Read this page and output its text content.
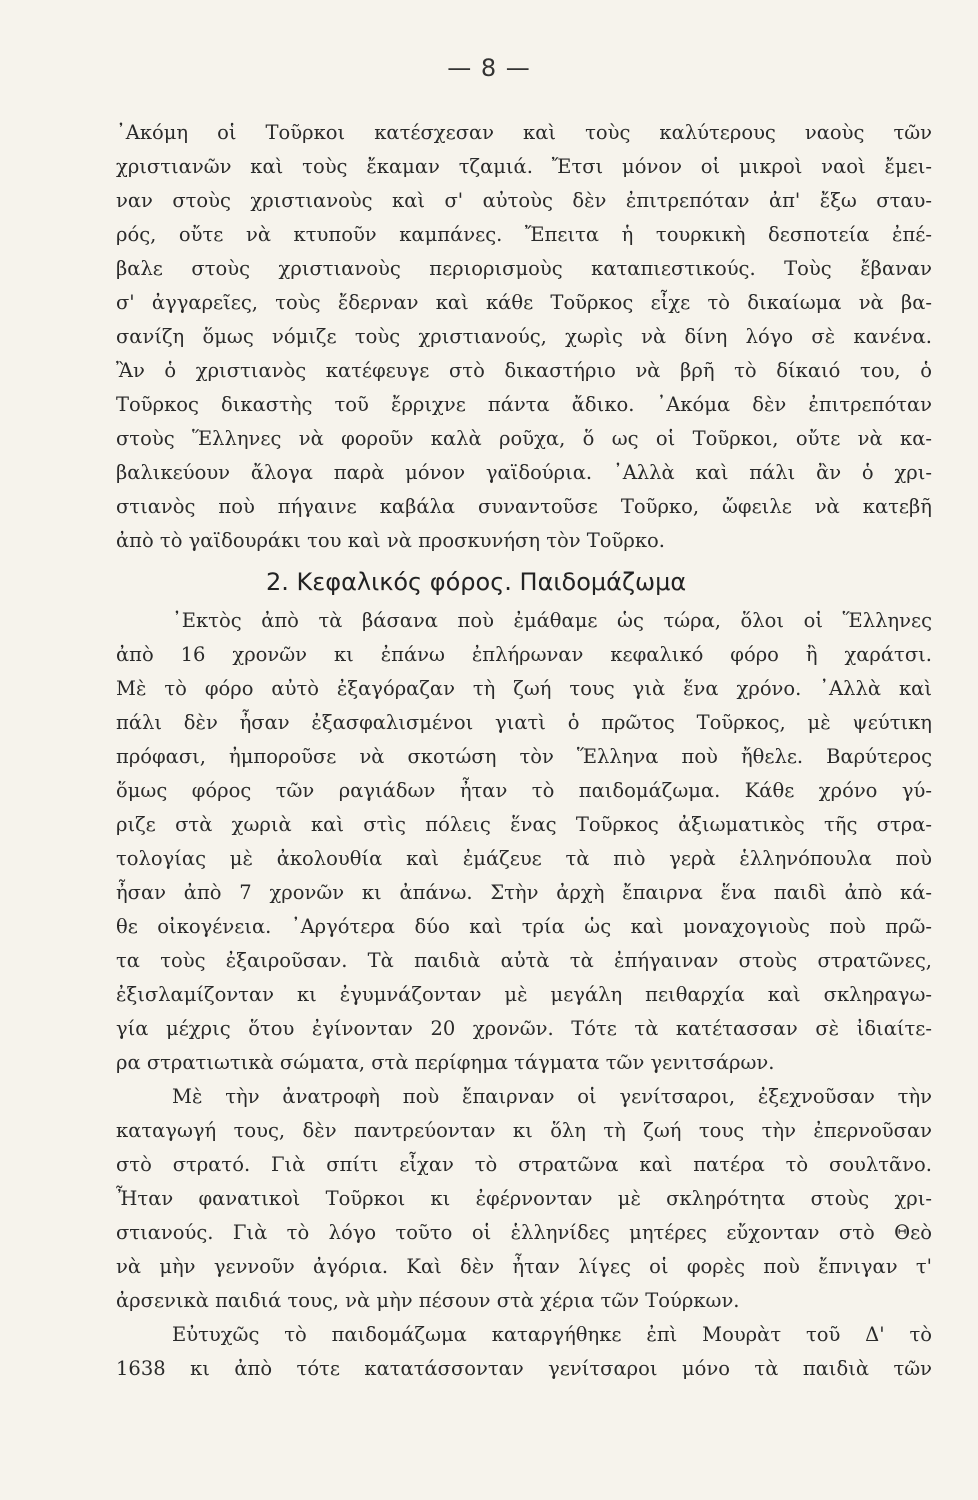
— 8 —
᾿Ακόμη οἱ Τοῦρκοι κατέσχεσαν καὶ τοὺς καλύτερους ναοὺς τῶν
χριστιανῶν καὶ τοὺς ἔκαμαν τζαμιά. Ἔτσι μόνον οἱ μικροὶ ναοὶ ἔμει-
ναν στοὺς χριστιανοὺς καὶ σ' αὐτοὺς δὲν ἐπιτρεπόταν ἀπ' ἔξω σταυ-
ρός, οὔτε νὰ κτυποῦν καμπάνες. Ἔπειτα ἡ τουρκικὴ δεσποτεία ἐπέ-
βαλε στοὺς χριστιανοὺς περιορισμοὺς καταπιεστικούς. Τοὺς ἔβαναν
σ' ἀγγαρεῖες, τοὺς ἔδερναν καὶ κάθε Τοῦρκος εἶχε τὸ δικαίωμα νὰ βα-
σανίζη ὅμως νόμιζε τοὺς χριστιανούς, χωρὶς νὰ δίνη λόγο σὲ κανένα.
Ἂν ὁ χριστιανὸς κατέφευγε στὸ δικαστήριο νὰ βρῆ τὸ δίκαιό του, ὁ
Τοῦρκος δικαστὴς τοῦ ἔρριχνε πάντα ἄδικο. ᾿Ακόμα δὲν ἐπιτρεπόταν
στοὺς Ἕλληνες νὰ φοροῦν καλὰ ροῦχα, ὅ ως οἱ Τοῦρκοι, οὔτε νὰ κα-
βαλικεύουν ἄλογα παρὰ μόνον γαϊδούρια. ᾿Αλλὰ καὶ πάλι ἂν ὁ χρι-
στιανὸς ποὺ πήγαινε καβάλα συναντοῦσε Τοῦρκο, ὤφειλε νὰ κατεβῆ
ἀπὸ τὸ γαϊδουράκι του καὶ νὰ προσκυνήση τὸν Τοῦρκο.
2. Κεφαλικός φόρος. Παιδομάζωμα
᾿Εκτὸς ἀπὸ τὰ βάσανα ποὺ ἐμάθαμε ὡς τώρα, ὅλοι οἱ Ἕλληνες
ἀπὸ 16 χρονῶν κι ἐπάνω ἐπλήρωναν κεφαλικό φόρο ἢ χαράτσι.
Μὲ τὸ φόρο αὐτὸ ἐξαγόραζαν τὴ ζωή τους γιὰ ἕνα χρόνο. ᾿Αλλὰ καὶ
πάλι δὲν ἦσαν ἐξασφαλισμένοι γιατὶ ὁ πρῶτος Τοῦρκος, μὲ ψεύτικη
πρόφασι, ἠμποροῦσε νὰ σκοτώση τὸν Ἕλληνα ποὺ ἤθελε. Βαρύτερος
ὅμως φόρος τῶν ραγιάδων ἦταν τὸ παιδομάζωμα. Κάθε χρόνο γύ-
ριζε στὰ χωριὰ καὶ στὶς πόλεις ἕνας Τοῦρκος ἀξιωματικὸς τῆς στρα-
τολογίας μὲ ἀκολουθία καὶ ἐμάζευε τὰ πιὸ γερὰ ἑλληνόπουλα ποὺ
ἦσαν ἀπὸ 7 χρονῶν κι ἀπάνω. Στὴν ἀρχὴ ἔπαιρνα ἕνα παιδὶ ἀπὸ κά-
θε οἰκογένεια. ᾿Αργότερα δύο καὶ τρία ὡς καὶ μοναχογιοὺς ποὺ πρῶ-
τα τοὺς ἐξαιροῦσαν. Τὰ παιδιὰ αὐτὰ τὰ ἐπήγαιναν στοὺς στρατῶνες,
ἐξισλαμίζονταν κι ἐγυμνάζονταν μὲ μεγάλη πειθαρχία καὶ σκληραγω-
γία μέχρις ὅτου ἐγίνονταν 20 χρονῶν. Τότε τὰ κατέτασσαν σὲ ἰδιαίτε-
ρα στρατιωτικὰ σώματα, στὰ περίφημα τάγματα τῶν γενιτσάρων.
Μὲ τὴν ἀνατροφὴ ποὺ ἔπαιρναν οἱ γενίτσαροι, ἐξεχνοῦσαν τὴν
καταγωγή τους, δὲν παντρεύονταν κι ὅλη τὴ ζωή τους τὴν ἐπερνοῦσαν
στὸ στρατό. Γιὰ σπίτι εἶχαν τὸ στρατῶνα καὶ πατέρα τὸ σουλτᾶνο.
Ἦταν φανατικοὶ Τοῦρκοι κι ἐφέρνονταν μὲ σκληρότητα στοὺς χρι-
στιανούς. Γιὰ τὸ λόγο τοῦτο οἱ ἑλληνίδες μητέρες εὔχονταν στὸ Θεὸ
νὰ μὴν γεννοῦν ἀγόρια. Καὶ δὲν ἦταν λίγες οἱ φορὲς ποὺ ἔπνιγαν τ'
ἀρσενικὰ παιδιά τους, νὰ μὴν πέσουν στὰ χέρια τῶν Τούρκων.
Εὐτυχῶς τὸ παιδομάζωμα καταργήθηκε ἐπὶ Μουρὰτ τοῦ Δ' τὸ
1638 κι ἀπὸ τότε κατατάσσονταν γενίτσαροι μόνο τὰ παιδιὰ τῶν
